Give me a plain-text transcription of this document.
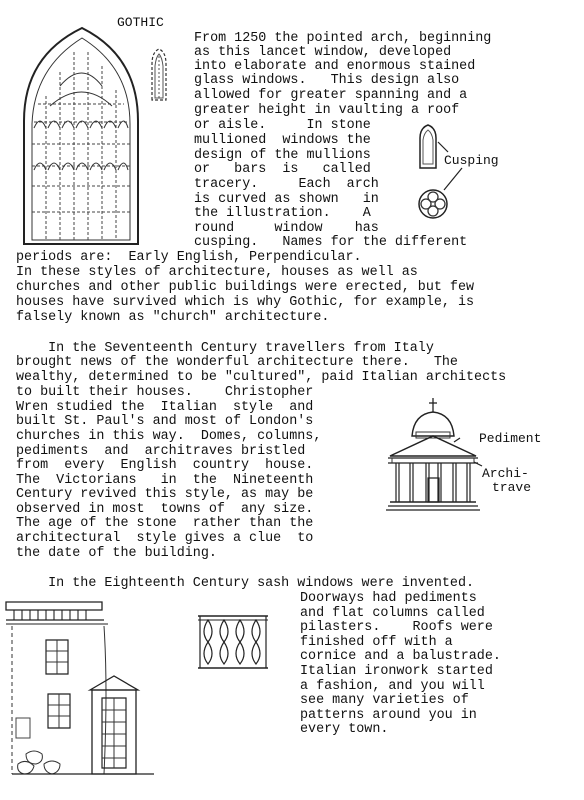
GOTHIC
From 1250 the pointed arch, beginning
as this lancet window, developed
into elaborate and enormous stained
glass windows.   This design also
allowed for greater spanning and a
greater height in vaulting a roof
or aisle.     In stone
mullioned  windows the
design of the mullions
or   bars  is   called
tracery.     Each  arch
is curved as shown   in
the illustration.    A
round     window    has
cusping.   Names for the different
periods are:  Early English, Perpendicular.
In these styles of architecture, houses as well as
churches and other public buildings were erected, but few
houses have survived which is why Gothic, for example, is
falsely known as "church" architecture.
Cusping
In the Seventeenth Century travellers from Italy
brought news of the wonderful architecture there.   The
wealthy, determined to be "cultured", paid Italian architects
to built their houses.    Christopher
Wren studied the  Italian  style  and
built St. Paul's and most of London's
churches in this way.  Domes, columns,
pediments  and  architraves bristled
from  every  English  country  house.
The  Victorians   in  the  Nineteenth
Century revived this style, as may be
observed in most  towns of  any size.
The age of the stone  rather than the
architectural  style gives a clue  to
the date of the building.
Pediment
Archi-
trave
In the Eighteenth Century sash windows were invented.
Doorways had pediments
and flat columns called
pilasters.    Roofs were
finished off with a
cornice and a balustrade.
Italian ironwork started
a fashion, and you will
see many varieties of
patterns around you in
every town.
